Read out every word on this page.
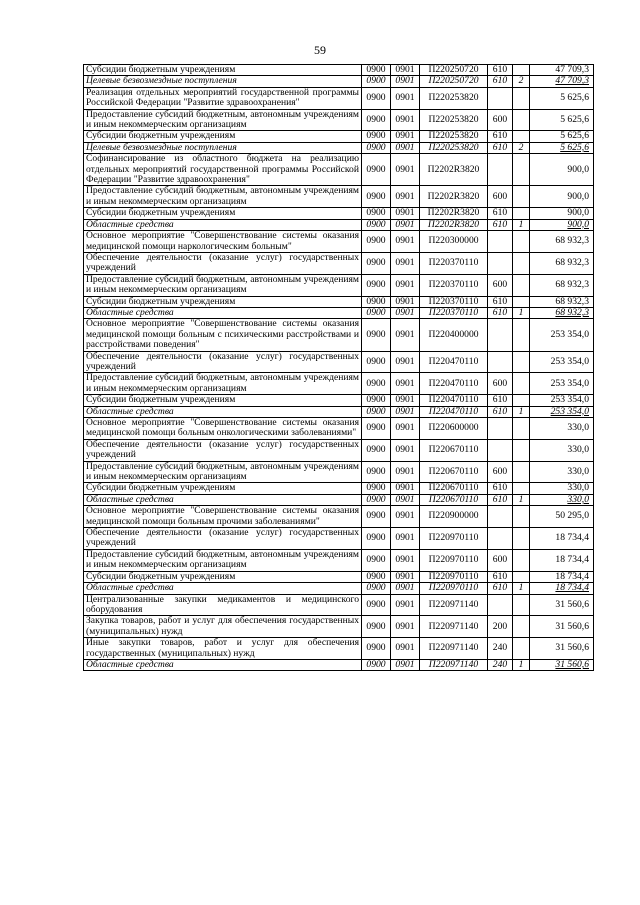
59
Субсидии бюджетным учреждениям	0900	0901	П220250720	610		47 709,3
Целевые безвозмездные поступления	0900	0901	П220250720	610	2	47 709,3
Реализация отдельных мероприятий государственной программы Российской Федерации "Развитие здравоохранения"	0900	0901	П220253820			5 625,6
Предоставление субсидий бюджетным, автономным учреждениям и иным некоммерческим организациям	0900	0901	П220253820	600		5 625,6
Субсидии бюджетным учреждениям	0900	0901	П220253820	610		5 625,6
Целевые безвозмездные поступления	0900	0901	П220253820	610	2	5 625,6
Софинансирование из областного бюджета на реализацию отдельных мероприятий государственной программы Российской Федерации "Развитие здравоохранения"	0900	0901	П2202R3820			900,0
Предоставление субсидий бюджетным, автономным учреждениям и иным некоммерческим организациям	0900	0901	П2202R3820	600		900,0
Субсидии бюджетным учреждениям	0900	0901	П2202R3820	610		900,0
Областные средства	0900	0901	П2202R3820	610	1	900,0
Основное мероприятие "Совершенствование системы оказания медицинской помощи наркологическим больным"	0900	0901	П220300000			68 932,3
Обеспечение деятельности (оказание услуг) государственных учреждений	0900	0901	П220370110			68 932,3
Предоставление субсидий бюджетным, автономным учреждениям и иным некоммерческим организациям	0900	0901	П220370110	600		68 932,3
Субсидии бюджетным учреждениям	0900	0901	П220370110	610		68 932,3
Областные средства	0900	0901	П220370110	610	1	68 932,3
Основное мероприятие "Совершенствование системы оказания медицинской помощи больным с психическими расстройствами и расстройствами поведения"	0900	0901	П220400000			253 354,0
Обеспечение деятельности (оказание услуг) государственных учреждений	0900	0901	П220470110			253 354,0
Предоставление субсидий бюджетным, автономным учреждениям и иным некоммерческим организациям	0900	0901	П220470110	600		253 354,0
Субсидии бюджетным учреждениям	0900	0901	П220470110	610		253 354,0
Областные средства	0900	0901	П220470110	610	1	253 354,0
Основное мероприятие "Совершенствование системы оказания медицинской помощи больным онкологическими заболеваниями"	0900	0901	П220600000			330,0
Обеспечение деятельности (оказание услуг) государственных учреждений	0900	0901	П220670110			330,0
Предоставление субсидий бюджетным, автономным учреждениям и иным некоммерческим организациям	0900	0901	П220670110	600		330,0
Субсидии бюджетным учреждениям	0900	0901	П220670110	610		330,0
Областные средства	0900	0901	П220670110	610	1	330,0
Основное мероприятие "Совершенствование системы оказания медицинской помощи больным прочими заболеваниями"	0900	0901	П220900000			50 295,0
Обеспечение деятельности (оказание услуг) государственных учреждений	0900	0901	П220970110			18 734,4
Предоставление субсидий бюджетным, автономным учреждениям и иным некоммерческим организациям	0900	0901	П220970110	600		18 734,4
Субсидии бюджетным учреждениям	0900	0901	П220970110	610		18 734,4
Областные средства	0900	0901	П220970110	610	1	18 734,4
Централизованные закупки медикаментов и медицинского оборудования	0900	0901	П220971140			31 560,6
Закупка товаров, работ и услуг для обеспечения государственных (муниципальных) нужд	0900	0901	П220971140	200		31 560,6
Иные закупки товаров, работ и услуг для обеспечения государственных (муниципальных) нужд	0900	0901	П220971140	240		31 560,6
Областные средства	0900	0901	П220971140	240	1	31 560,6
